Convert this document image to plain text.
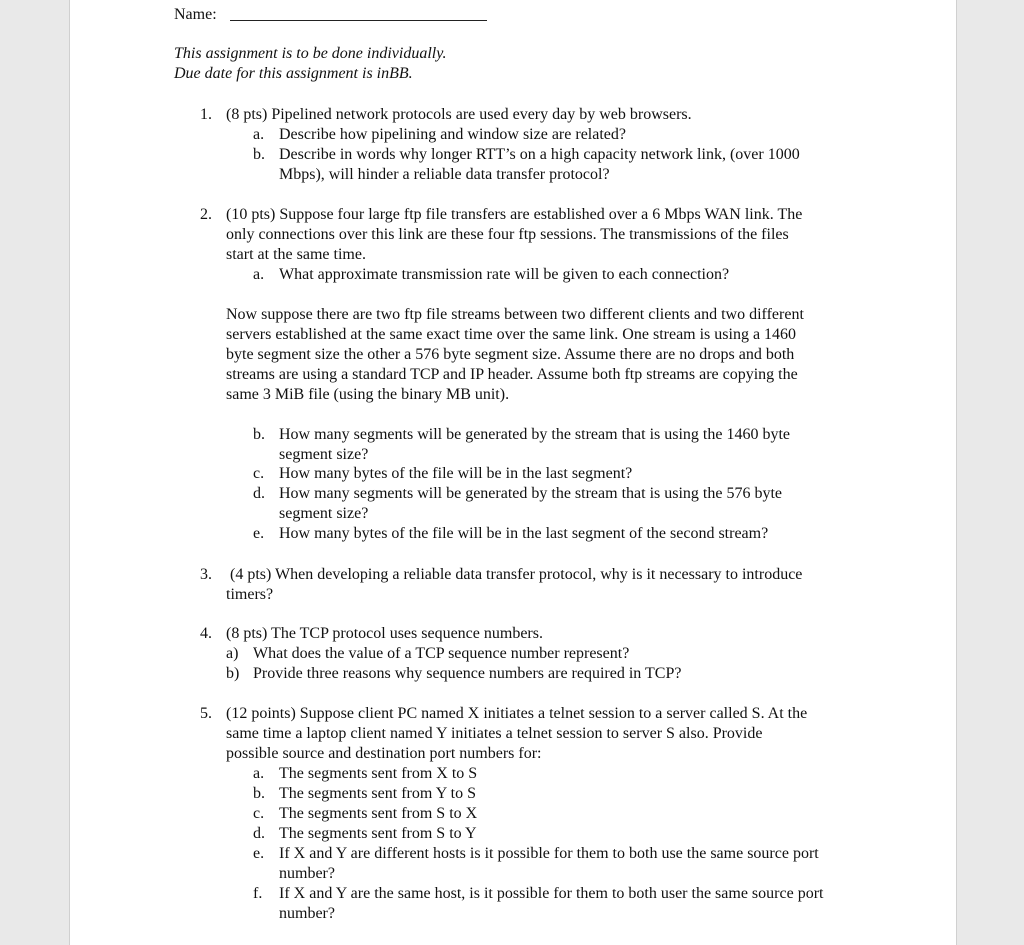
Name:
This assignment is to be done individually.
Due date for this assignment is inBB.
1. (8 pts) Pipelined network protocols are used every day by web browsers.
a. Describe how pipelining and window size are related?
b. Describe in words why longer RTT’s on a high capacity network link, (over 1000
Mbps), will hinder a reliable data transfer protocol?
2. (10 pts) Suppose four large ftp file transfers are established over a 6 Mbps WAN link. The
only connections over this link are these four ftp sessions. The transmissions of the files
start at the same time.
a. What approximate transmission rate will be given to each connection?
Now suppose there are two ftp file streams between two different clients and two different
servers established at the same exact time over the same link. One stream is using a 1460
byte segment size the other a 576 byte segment size. Assume there are no drops and both
streams are using a standard TCP and IP header. Assume both ftp streams are copying the
same 3 MiB file (using the binary MB unit).
b. How many segments will be generated by the stream that is using the 1460 byte
segment size?
c. How many bytes of the file will be in the last segment?
d. How many segments will be generated by the stream that is using the 576 byte
segment size?
e. How many bytes of the file will be in the last segment of the second stream?
3. (4 pts) When developing a reliable data transfer protocol, why is it necessary to introduce
timers?
4. (8 pts) The TCP protocol uses sequence numbers.
a) What does the value of a TCP sequence number represent?
b) Provide three reasons why sequence numbers are required in TCP?
5. (12 points) Suppose client PC named X initiates a telnet session to a server called S. At the
same time a laptop client named Y initiates a telnet session to server S also. Provide
possible source and destination port numbers for:
a. The segments sent from X to S
b. The segments sent from Y to S
c. The segments sent from S to X
d. The segments sent from S to Y
e. If X and Y are different hosts is it possible for them to both use the same source port
number?
f. If X and Y are the same host, is it possible for them to both user the same source port
number?
